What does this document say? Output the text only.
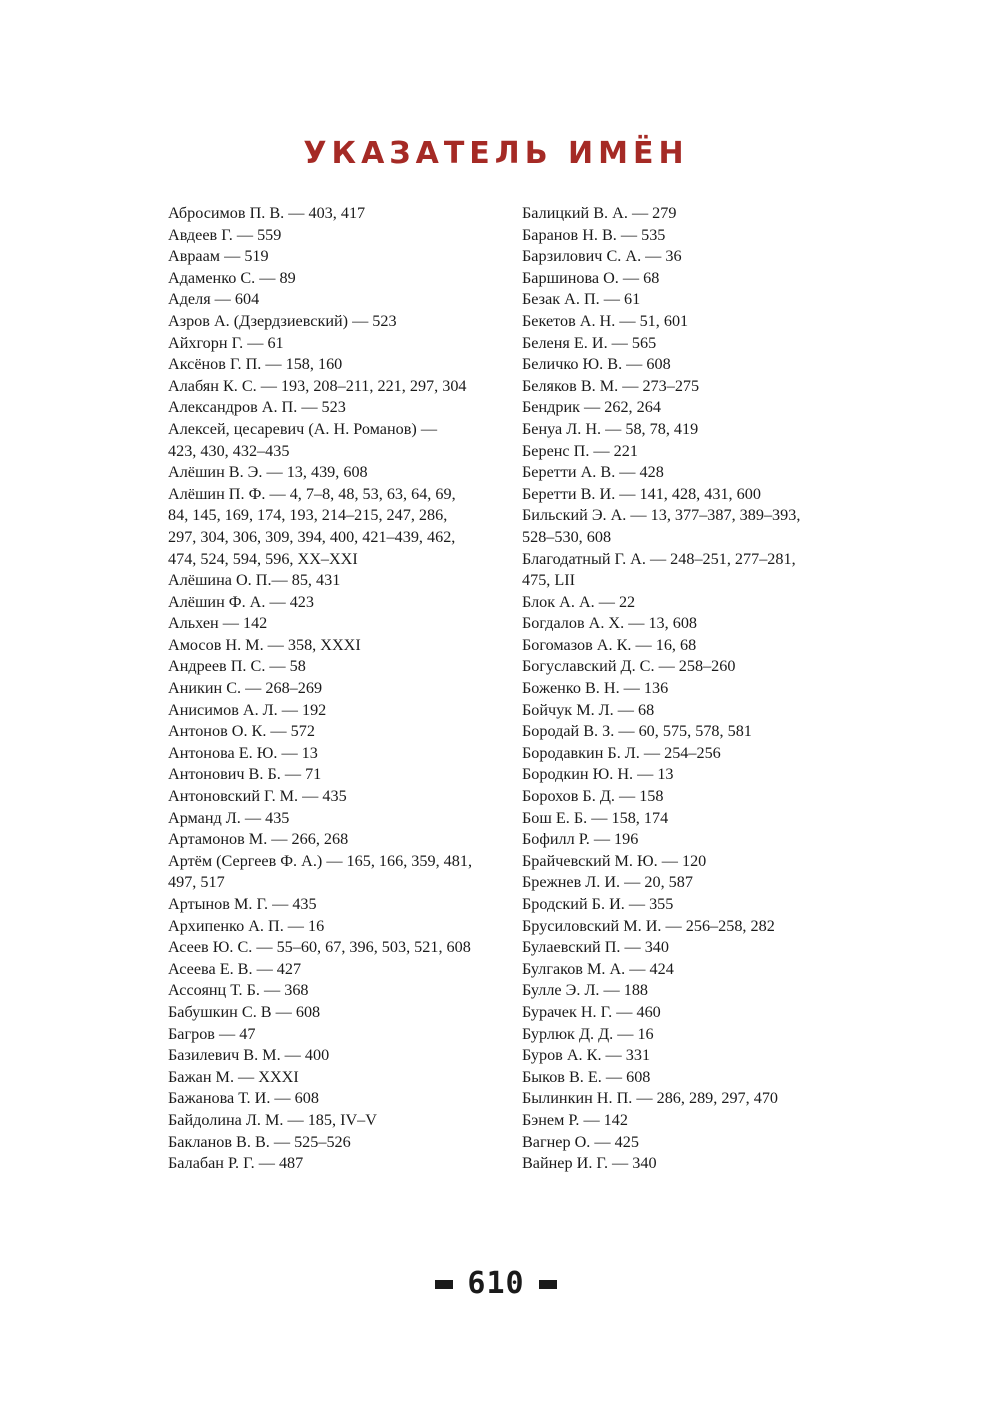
УКАЗАТЕЛЬ ИМЁН
Абросимов П. В. — 403, 417
Авдеев Г. — 559
Авраам — 519
Адаменко С. — 89
Аделя — 604
Азров А. (Дзердзиевский) — 523
Айхгорн Г. — 61
Аксёнов Г. П. — 158, 160
Алабян К. С. — 193, 208–211, 221, 297, 304
Александров А. П. — 523
Алексей, цесаревич (А. Н. Романов) —
423, 430, 432–435
Алёшин В. Э. — 13, 439, 608
Алёшин П. Ф. — 4, 7–8, 48, 53, 63, 64, 69,
84, 145, 169, 174, 193, 214–215, 247, 286,
297, 304, 306, 309, 394, 400, 421–439, 462,
474, 524, 594, 596, XX–XXI
Алёшина О. П.— 85, 431
Алёшин Ф. А. — 423
Альхен — 142
Амосов Н. М. — 358, XXXI
Андреев П. С. — 58
Аникин С. — 268–269
Анисимов А. Л. — 192
Антонов О. К. — 572
Антонова Е. Ю. — 13
Антонович В. Б. — 71
Антоновский Г. М. — 435
Арманд Л. — 435
Артамонов М. — 266, 268
Артём (Сергеев Ф. А.) — 165, 166, 359, 481,
497, 517
Артынов М. Г. — 435
Архипенко А. П. — 16
Асеев Ю. С. — 55–60, 67, 396, 503, 521, 608
Асеева Е. В. — 427
Ассоянц Т. Б. — 368
Бабушкин С. В — 608
Багров — 47
Базилевич В. М. — 400
Бажан М. — XXXI
Бажанова Т. И. — 608
Байдолина Л. М. — 185, IV–V
Бакланов В. В. — 525–526
Балабан Р. Г. — 487
Балицкий В. А. — 279
Баранов Н. В. — 535
Барзилович С. А. — 36
Баршинова О. — 68
Безак А. П. — 61
Бекетов А. Н. — 51, 601
Беленя Е. И. — 565
Беличко Ю. В. — 608
Беляков В. М. — 273–275
Бендрик — 262, 264
Бенуа Л. Н. — 58, 78, 419
Беренс П. — 221
Беретти А. В. — 428
Беретти В. И. — 141, 428, 431, 600
Бильский Э. А. — 13, 377–387, 389–393,
528–530, 608
Благодатный Г. А. — 248–251, 277–281,
475, LII
Блок А. А. — 22
Богдалов А. Х. — 13, 608
Богомазов А. К. — 16, 68
Богуславский Д. С. — 258–260
Боженко В. Н. — 136
Бойчук М. Л. — 68
Бородай В. З. — 60, 575, 578, 581
Бородавкин Б. Л. — 254–256
Бородкин Ю. Н. — 13
Борохов Б. Д. — 158
Бош Е. Б. — 158, 174
Бофилл Р. — 196
Брайчевский М. Ю. — 120
Брежнев Л. И. — 20, 587
Бродский Б. И. — 355
Брусиловский М. И. — 256–258, 282
Булаевский П. — 340
Булгаков М. А. — 424
Булле Э. Л. — 188
Бурачек Н. Г. — 460
Бурлюк Д. Д. — 16
Буров А. К. — 331
Быков В. Е. — 608
Былинкин Н. П. — 286, 289, 297, 470
Бэнем Р. — 142
Вагнер О. — 425
Вайнер И. Г. — 340
610
